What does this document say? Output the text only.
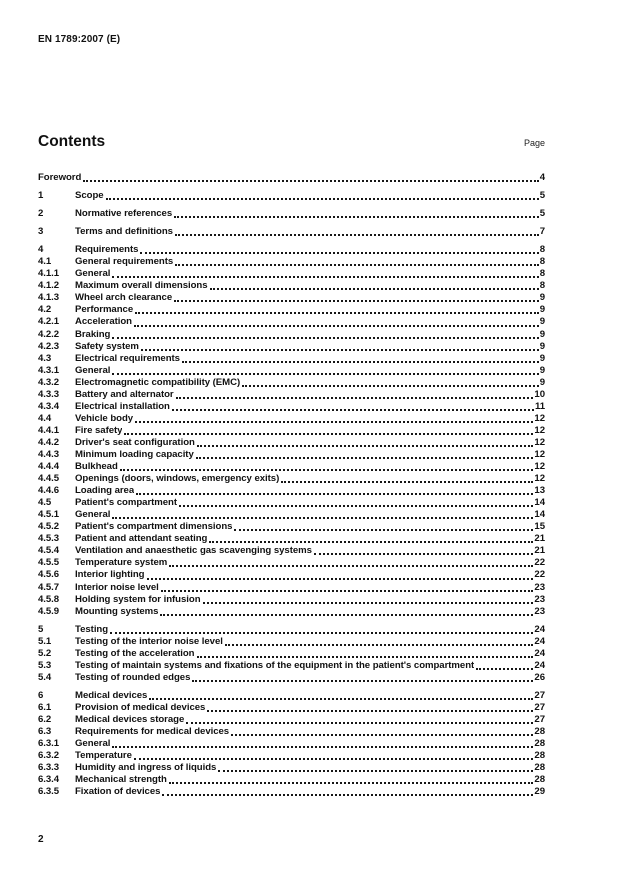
EN 1789:2007 (E)
Contents	Page
Foreword	4
1	Scope	5
2	Normative references	5
3	Terms and definitions	7
4	Requirements	8
4.1	General requirements	8
4.1.1	General	8
4.1.2	Maximum overall dimensions	8
4.1.3	Wheel arch clearance	9
4.2	Performance	9
4.2.1	Acceleration	9
4.2.2	Braking	9
4.2.3	Safety system	9
4.3	Electrical requirements	9
4.3.1	General	9
4.3.2	Electromagnetic compatibility (EMC)	9
4.3.3	Battery and alternator	10
4.3.4	Electrical installation	11
4.4	Vehicle body	12
4.4.1	Fire safety	12
4.4.2	Driver's seat configuration	12
4.4.3	Minimum loading capacity	12
4.4.4	Bulkhead	12
4.4.5	Openings (doors, windows, emergency exits)	12
4.4.6	Loading area	13
4.5	Patient's compartment	14
4.5.1	General	14
4.5.2	Patient's compartment dimensions	15
4.5.3	Patient and attendant seating	21
4.5.4	Ventilation and anaesthetic gas scavenging systems	21
4.5.5	Temperature system	22
4.5.6	Interior lighting	22
4.5.7	Interior noise level	23
4.5.8	Holding system for infusion	23
4.5.9	Mounting systems	23
5	Testing	24
5.1	Testing of the interior noise level	24
5.2	Testing of the acceleration	24
5.3	Testing of maintain systems and fixations of the equipment in the patient's compartment	24
5.4	Testing of rounded edges	26
6	Medical devices	27
6.1	Provision of medical devices	27
6.2	Medical devices storage	27
6.3	Requirements for medical devices	28
6.3.1	General	28
6.3.2	Temperature	28
6.3.3	Humidity and ingress of liquids	28
6.3.4	Mechanical strength	28
6.3.5	Fixation of devices	29
2
